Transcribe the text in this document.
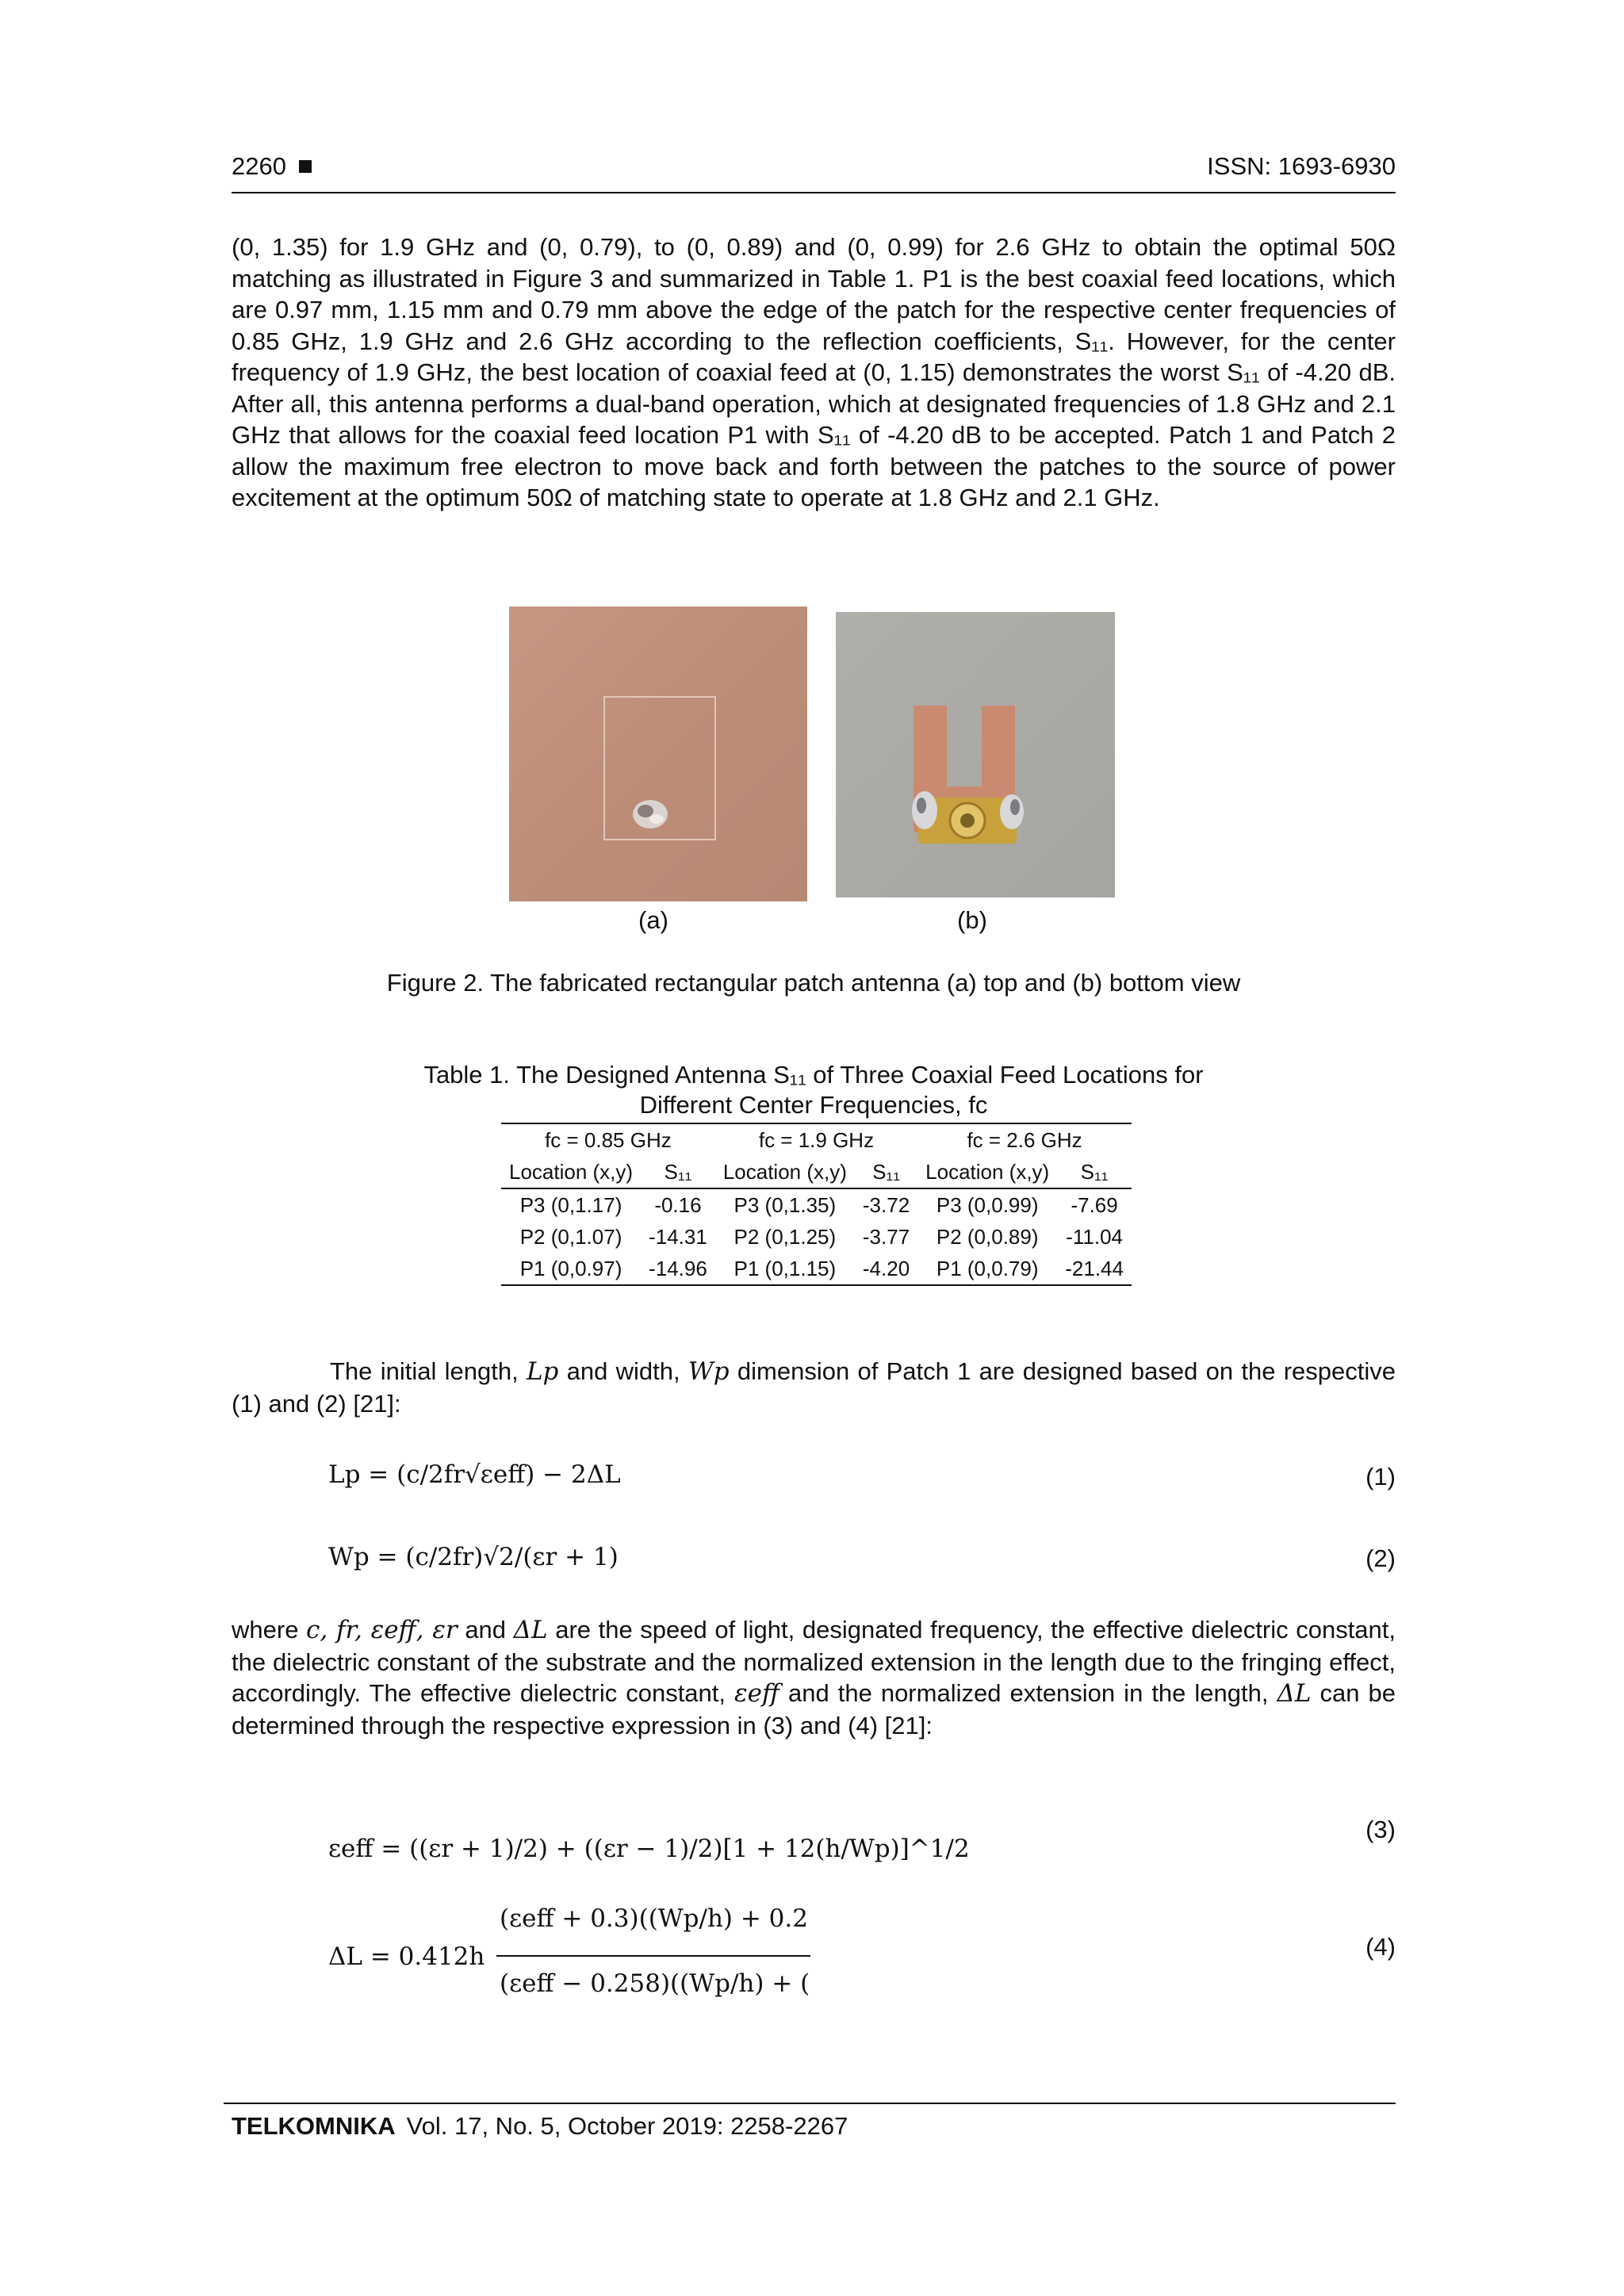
2260	ISSN: 1693-6930

(0, 1.35) for 1.9 GHz and (0, 0.79), to (0, 0.89) and (0, 0.99) for 2.6 GHz to obtain the optimal 50Ω matching as illustrated in Figure 3 and summarized in Table 1. P1 is the best coaxial feed locations, which are 0.97 mm, 1.15 mm and 0.79 mm above the edge of the patch for the respective center frequencies of 0.85 GHz, 1.9 GHz and 2.6 GHz according to the reflection coefficients, S₁₁. However, for the center frequency of 1.9 GHz, the best location of coaxial feed at (0, 1.15) demonstrates the worst S₁₁ of -4.20 dB. After all, this antenna performs a dual-band operation, which at designated frequencies of 1.8 GHz and 2.1 GHz that allows for the coaxial feed location P1 with S₁₁ of -4.20 dB to be accepted. Patch 1 and Patch 2 allow the maximum free electron to move back and forth between the patches to the source of power excitement at the optimum 50Ω of matching state to operate at 1.8 GHz and 2.1 GHz.

(a)	(b)
Figure 2. The fabricated rectangular patch antenna (a) top and (b) bottom view
Table 1. The Designed Antenna S₁₁ of Three Coaxial Feed Locations for
Different Center Frequencies, fc
fc = 0.85 GHz		fc = 1.9 GHz		fc = 2.6 GHz	
Location (x,y)	S₁₁	Location (x,y)	S₁₁	Location (x,y)	S₁₁
P3 (0,1.17)	-0.16	P3 (0,1.35)	-3.72	P3 (0,0.99)	-7.69
P2 (0,1.07)	-14.31	P2 (0,1.25)	-3.77	P2 (0,0.89)	-11.04
P1 (0,0.97)	-14.96	P1 (0,1.15)	-4.20	P1 (0,0.79)	-21.44

The initial length, Lp and width, Wp dimension of Patch 1 are designed based on the respective (1) and (2) [21]:

Lp = (c/2fr√εeff) − 2ΔL	(1)
Wp = (c/2fr)√2/(εr + 1)	(2)

where c, fr, εeff, εr and ΔL are the speed of light, designated frequency, the effective dielectric constant, the dielectric constant of the substrate and the normalized extension in the length due to the fringing effect, accordingly. The effective dielectric constant, εeff and the normalized extension in the length, ΔL can be determined through the respective expression in (3) and (4) [21]:

εeff = ((εr + 1)/2) + ((εr − 1)/2)[1 + 12(h/Wp)]^1/2
(3)
ΔL = 0.412h
(εeff + 0.3)((Wp/h) + 0.2
(εeff − 0.258)((Wp/h) + (
(4)
TELKOMNIKA Vol. 17, No. 5, October 2019: 2258-2267
